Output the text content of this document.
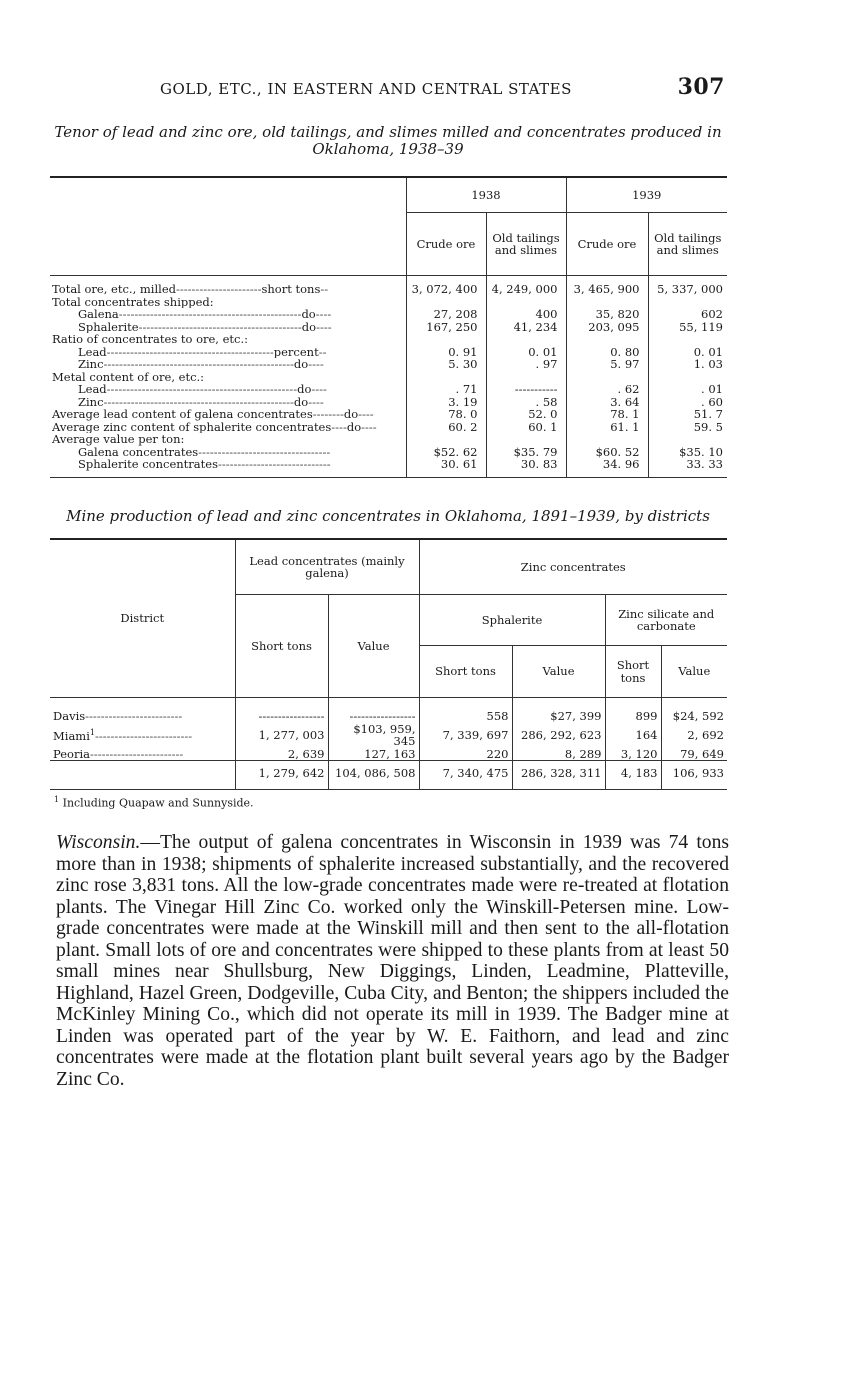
GOLD, ETC., IN EASTERN AND CENTRAL STATES	307
Tenor of lead and zinc ore, old tailings, and slimes milled and concentrates produced in Oklahoma, 1938–39
	1938		1939	
	Crude ore	Old tailings and slimes	Crude ore	Old tailings and slimes

Total ore, etc., milled----------------------short tons--	3, 072, 400	4, 249, 000	3, 465, 900	5, 337, 000
Total concentrates shipped:				
Galena-----------------------------------------------do----	27, 208	400	35, 820	602
Sphalerite------------------------------------------do----	167, 250	41, 234	203, 095	55, 119
Ratio of concentrates to ore, etc.:				
Lead-------------------------------------------percent--	0. 91	0. 01	0. 80	0. 01
Zinc-------------------------------------------------do----	5. 30	. 97	5. 97	1. 03
Metal content of ore, etc.:				
Lead-------------------------------------------------do----	. 71	-----------	. 62	. 01
Zinc-------------------------------------------------do----	3. 19	. 58	3. 64	. 60
Average lead content of galena concentrates--------do----	78. 0	52. 0	78. 1	51. 7
Average zinc content of sphalerite concentrates----do----	60. 2	60. 1	61. 1	59. 5
Average value per ton:				
Galena concentrates----------------------------------	$52. 62	$35. 79	$60. 52	$35. 10
Sphalerite concentrates-----------------------------	30. 61	30. 83	34. 96	33. 33
Mine production of lead and zinc concentrates in Oklahoma, 1891–1939, by districts
District	Lead concentrates (mainly galena)		Zinc concentrates			
	Short tons	Value	Sphalerite		Zinc silicate and carbonate	
			Short tons	Value	Short tons	Value

Davis-------------------------	-----------------	-----------------	558	$27, 399	899	$24, 592
Miami$^1$-------------------------	1, 277, 003	$103, 959, 345	7, 339, 697	286, 292, 623	164	2, 692
Peoria------------------------	2, 639	127, 163	220	8, 289	3, 120	79, 649
	1, 279, 642	104, 086, 508	7, 340, 475	286, 328, 311	4, 183	106, 933

$^1$ Including Quapaw and Sunnyside.
Wisconsin.—The output of galena concentrates in Wisconsin in 1939 was 74 tons more than in 1938; shipments of sphalerite increased substantially, and the recovered zinc rose 3,831 tons. All the low-grade concentrates made were re-treated at flotation plants. The Vinegar Hill Zinc Co. worked only the Winskill-Petersen mine. Low-grade concentrates were made at the Winskill mill and then sent to the all-flotation plant. Small lots of ore and concentrates were shipped to these plants from at least 50 small mines near Shullsburg, New Diggings, Linden, Leadmine, Platteville, Highland, Hazel Green, Dodgeville, Cuba City, and Benton; the shippers included the McKinley Mining Co., which did not operate its mill in 1939. The Badger mine at Linden was operated part of the year by W. E. Faithorn, and lead and zinc concentrates were made at the flotation plant built several years ago by the Badger Zinc Co.
